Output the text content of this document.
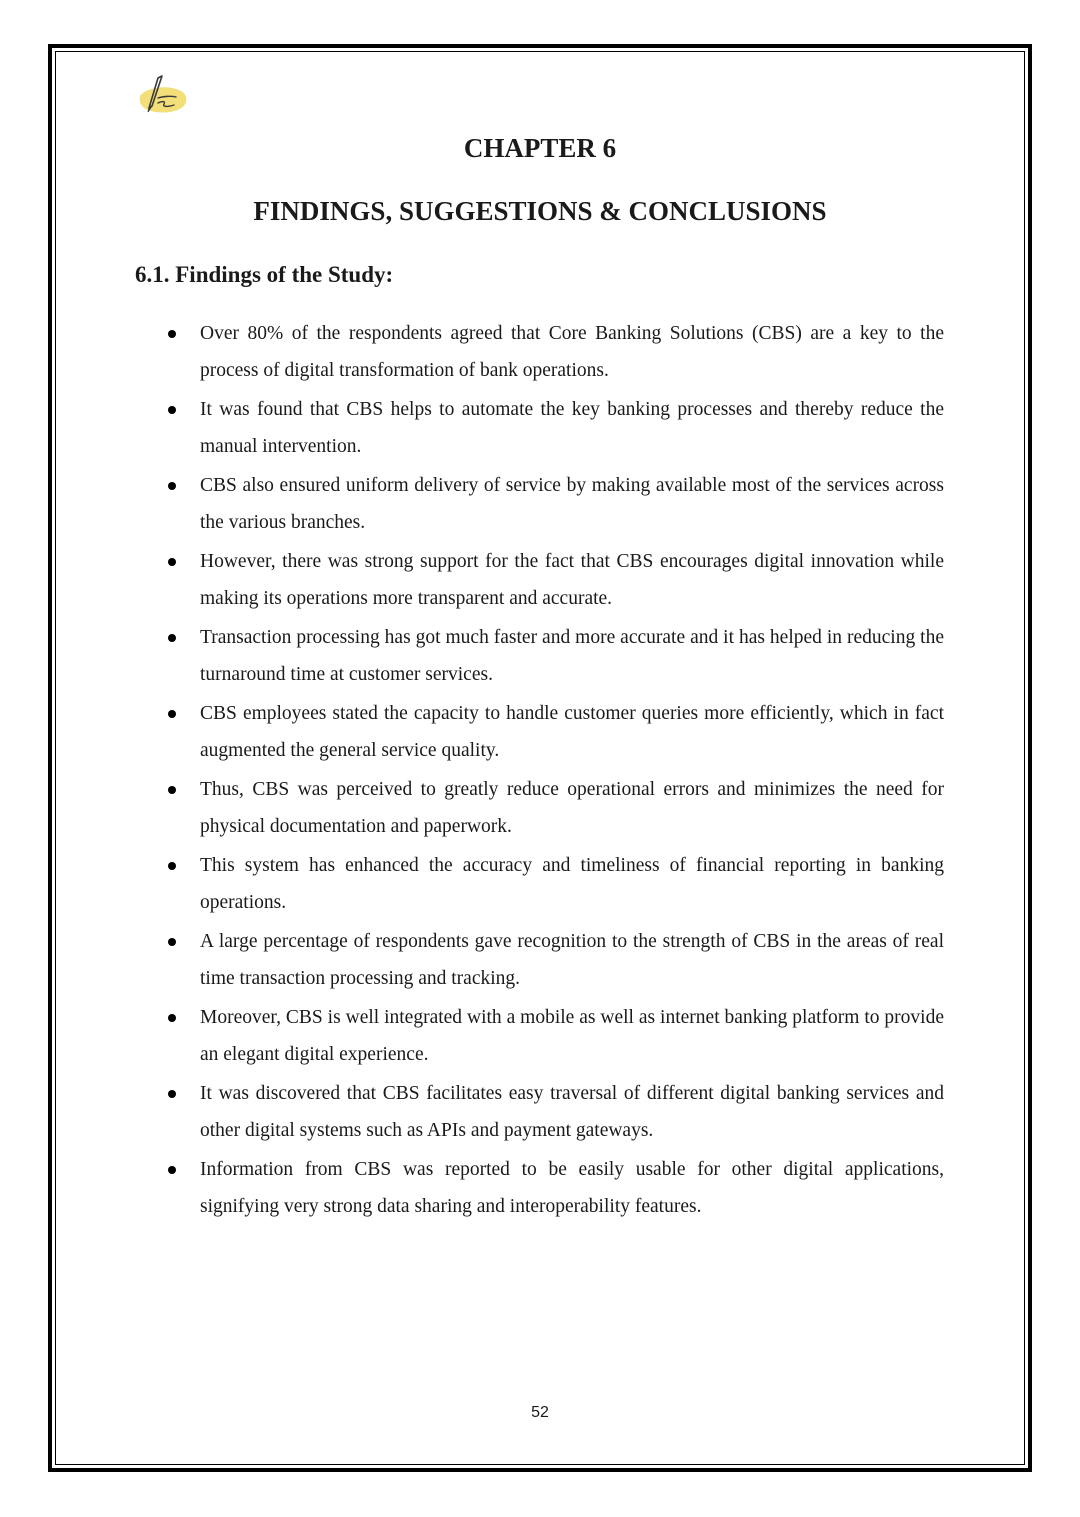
CHAPTER 6
FINDINGS, SUGGESTIONS & CONCLUSIONS
6.1. Findings of the Study:
Over 80% of the respondents agreed that Core Banking Solutions (CBS) are a key to the process of digital transformation of bank operations.
It was found that CBS helps to automate the key banking processes and thereby reduce the manual intervention.
CBS also ensured uniform delivery of service by making available most of the services across the various branches.
However, there was strong support for the fact that CBS encourages digital innovation while making its operations more transparent and accurate.
Transaction processing has got much faster and more accurate and it has helped in reducing the turnaround time at customer services.
CBS employees stated the capacity to handle customer queries more efficiently, which in fact augmented the general service quality.
Thus, CBS was perceived to greatly reduce operational errors and minimizes the need for physical documentation and paperwork.
This system has enhanced the accuracy and timeliness of financial reporting in banking operations.
A large percentage of respondents gave recognition to the strength of CBS in the areas of real time transaction processing and tracking.
Moreover, CBS is well integrated with a mobile as well as internet banking platform to provide an elegant digital experience.
It was discovered that CBS facilitates easy traversal of different digital banking services and other digital systems such as APIs and payment gateways.
Information from CBS was reported to be easily usable for other digital applications, signifying very strong data sharing and interoperability features.
52
